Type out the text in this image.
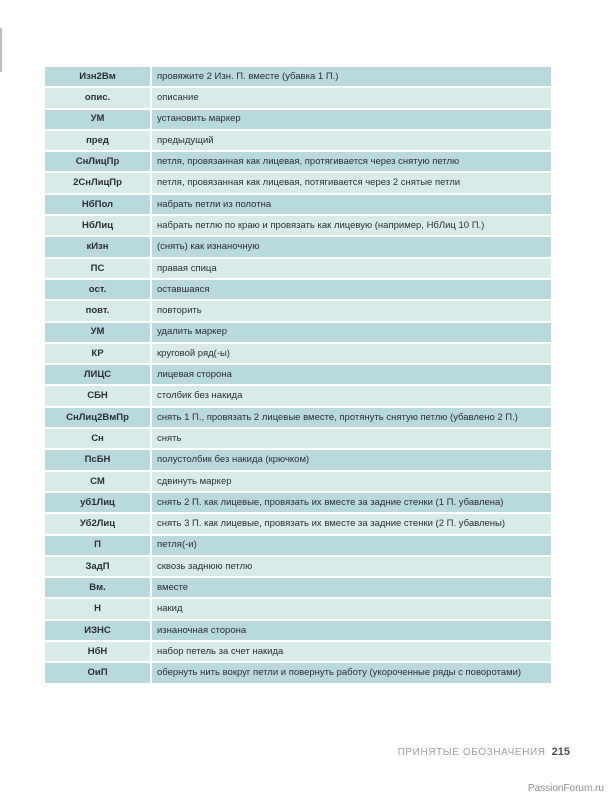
Изн2Вм	провяжите 2 Изн. П. вместе (убавка 1 П.)
опис.	описание
УМ	установить маркер
пред	предыдущий
СнЛицПр	петля, провязанная как лицевая, протягивается через снятую петлю
2СнЛицПр	петля, провязанная как лицевая, потягивается через 2 снятые петли
НбПол	набрать петли из полотна
НбЛиц	набрать петлю по краю и провязать как лицевую (например, НбЛиц 10 П.)
кИзн	(снять) как изнаночную
ПС	правая спица
ост.	оставшаяся
повт.	повторить
УМ	удалить маркер
КР	круговой ряд(-ы)
ЛИЦС	лицевая сторона
СБН	столбик без накида
СнЛиц2ВмПр	снять 1 П., провязать 2 лицевые вместе, протянуть снятую петлю (убавлено 2 П.)
Сн	снять
ПсБН	полустолбик без накида (крючком)
СМ	сдвинуть маркер
уб1Лиц	снять 2 П. как лицевые, провязать их вместе за задние стенки (1 П. убавлена)
Уб2Лиц	снять 3 П. как лицевые, провязать их вместе за задние стенки (2 П. убавлены)
П	петля(-и)
ЗадП	сквозь заднюю петлю
Вм.	вместе
Н	накид
ИЗНС	изнаночная сторона
НбН	набор петель за счет накида
ОиП	обернуть нить вокруг петли и повернуть работу (укороченные ряды с поворотами)
ПРИНЯТЫЕ ОБОЗНАЧЕНИЯ 215
PassionForum.ru
